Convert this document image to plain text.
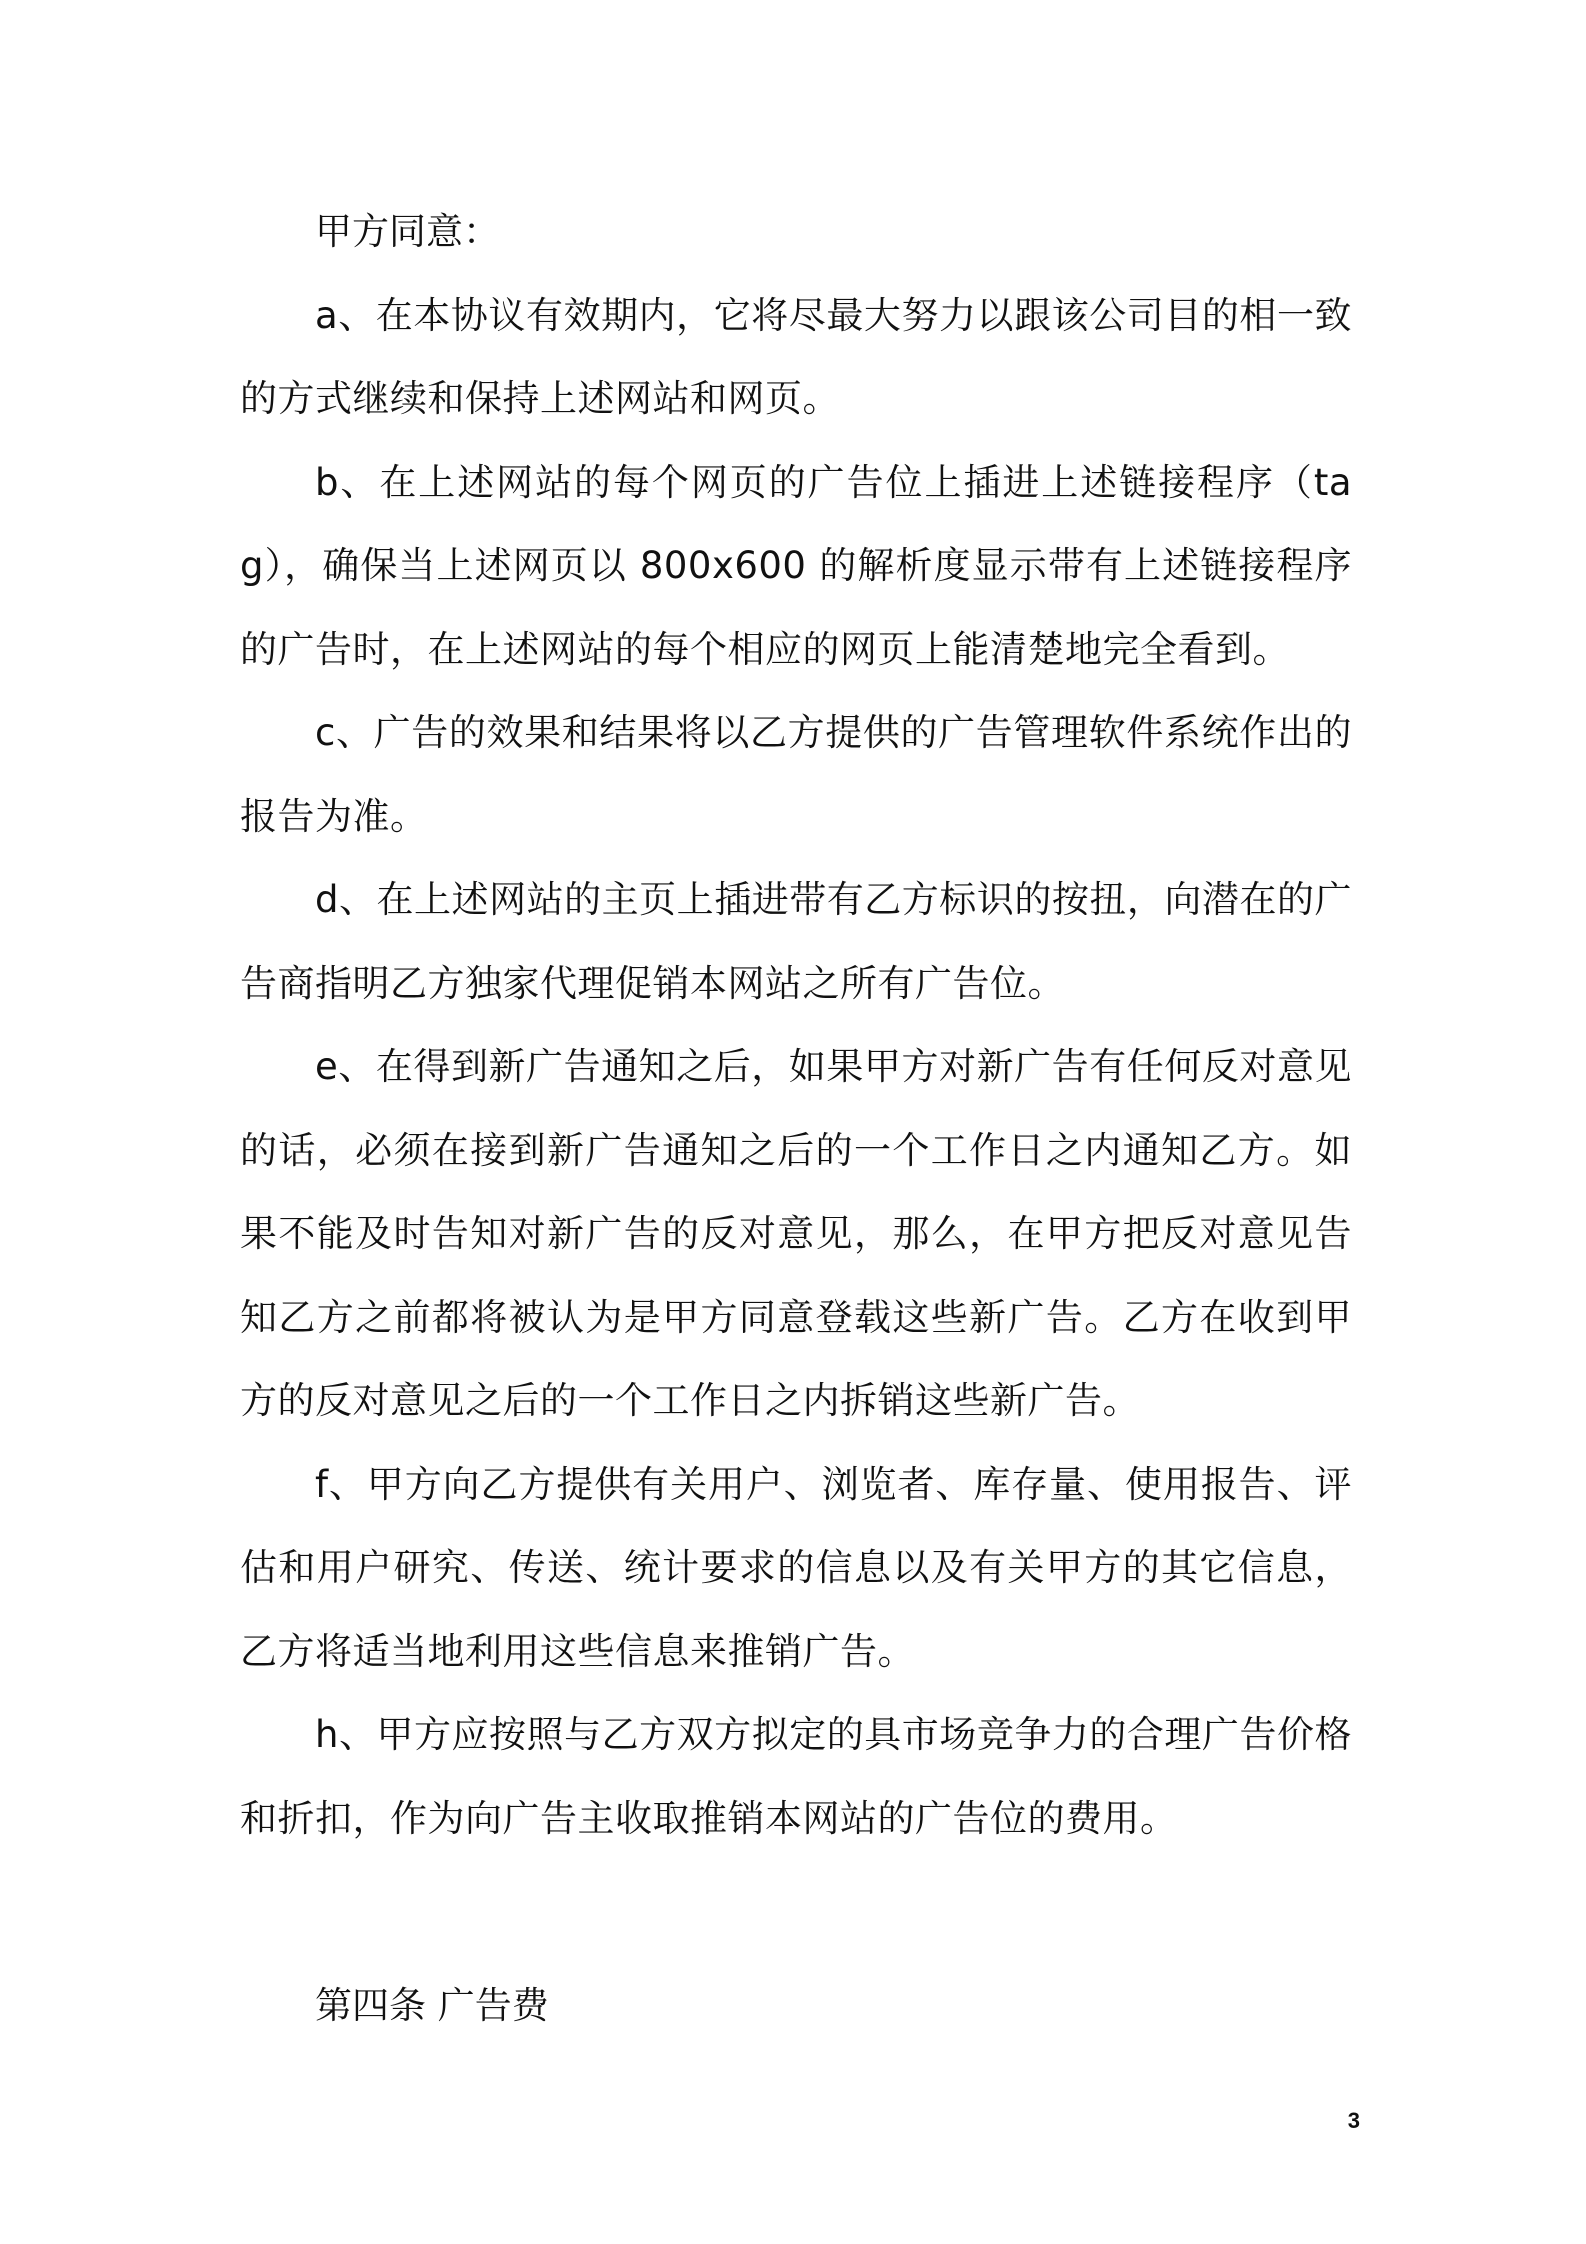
甲方同意：

a、在本协议有效期内，它将尽最大努力以跟该公司目的相一致的方式继续和保持上述网站和网页。

b、在上述网站的每个网页的广告位上插进上述链接程序（tag），确保当上述网页以 800x600 的解析度显示带有上述链接程序的广告时，在上述网站的每个相应的网页上能清楚地完全看到。

c、广告的效果和结果将以乙方提供的广告管理软件系统作出的报告为准。

d、在上述网站的主页上插进带有乙方标识的按扭，向潜在的广告商指明乙方独家代理促销本网站之所有广告位。

e、在得到新广告通知之后，如果甲方对新广告有任何反对意见的话，必须在接到新广告通知之后的一个工作日之内通知乙方。如果不能及时告知对新广告的反对意见，那么，在甲方把反对意见告知乙方之前都将被认为是甲方同意登载这些新广告。乙方在收到甲方的反对意见之后的一个工作日之内拆销这些新广告。

f、甲方向乙方提供有关用户、浏览者、库存量、使用报告、评估和用户研究、传送、统计要求的信息以及有关甲方的其它信息，乙方将适当地利用这些信息来推销广告。

h、甲方应按照与乙方双方拟定的具市场竞争力的合理广告价格和折扣，作为向广告主收取推销本网站的广告位的费用。

第四条 广告费

3
